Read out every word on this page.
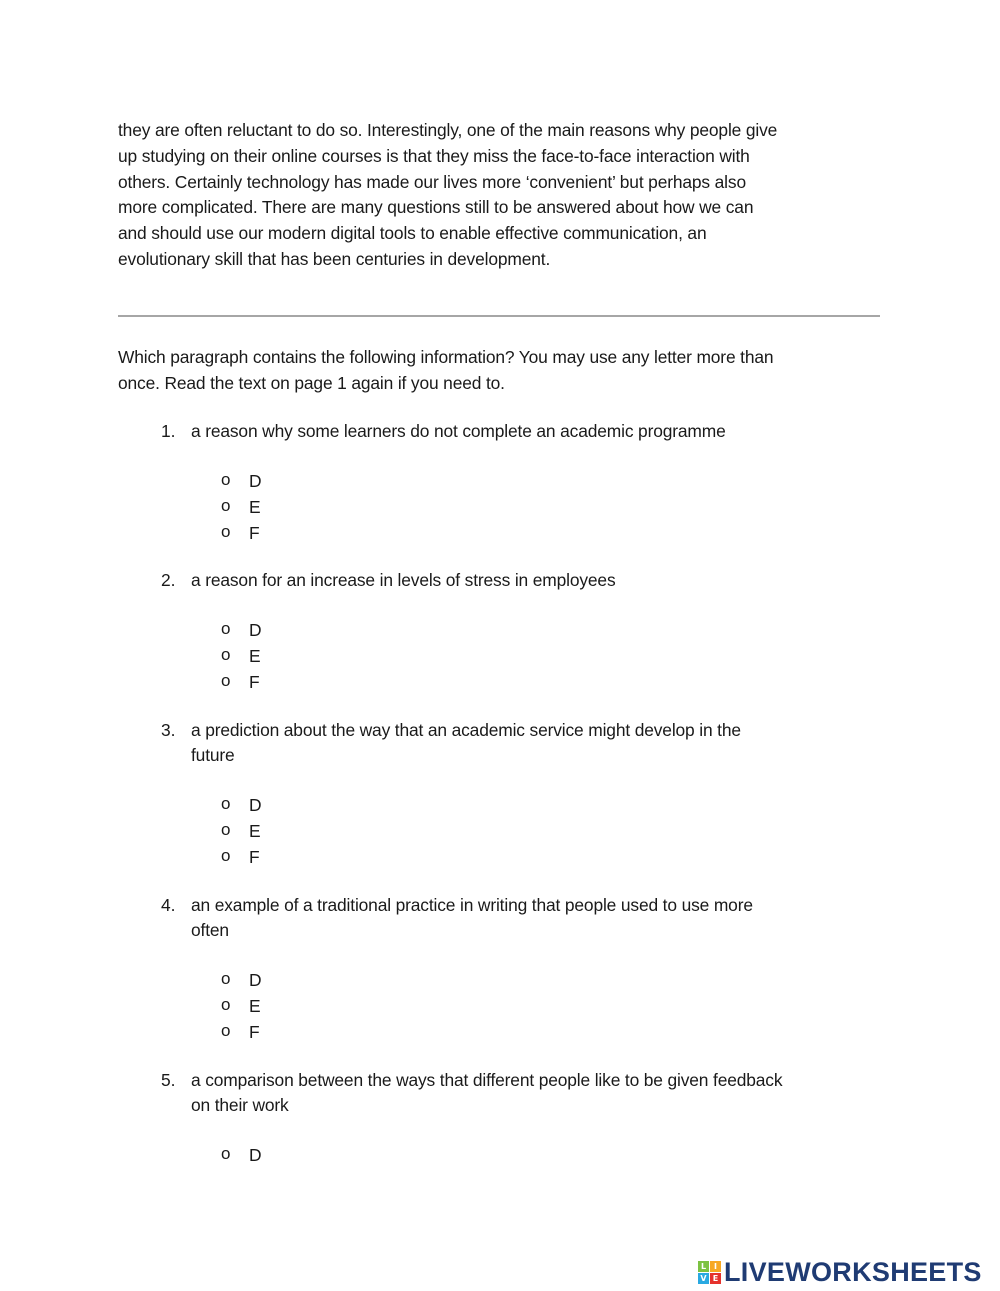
they are often reluctant to do so. Interestingly, one of the main reasons why people give
up studying on their online courses is that they miss the face-to-face interaction with
others. Certainly technology has made our lives more ‘convenient’ but perhaps also
more complicated. There are many questions still to be answered about how we can
and should use our modern digital tools to enable effective communication, an
evolutionary skill that has been centuries in development.
Which paragraph contains the following information? You may use any letter more than
once. Read the text on page 1 again if you need to.
1. a reason why some learners do not complete an academic programme
o D
o E
o F
2. a reason for an increase in levels of stress in employees
o D
o E
o F
3. a prediction about the way that an academic service might develop in the
future
o D
o E
o F
4. an example of a traditional practice in writing that people used to use more
often
o D
o E
o F
5. a comparison between the ways that different people like to be given feedback
on their work
o D
L I
V E LIVEWORKSHEETS
